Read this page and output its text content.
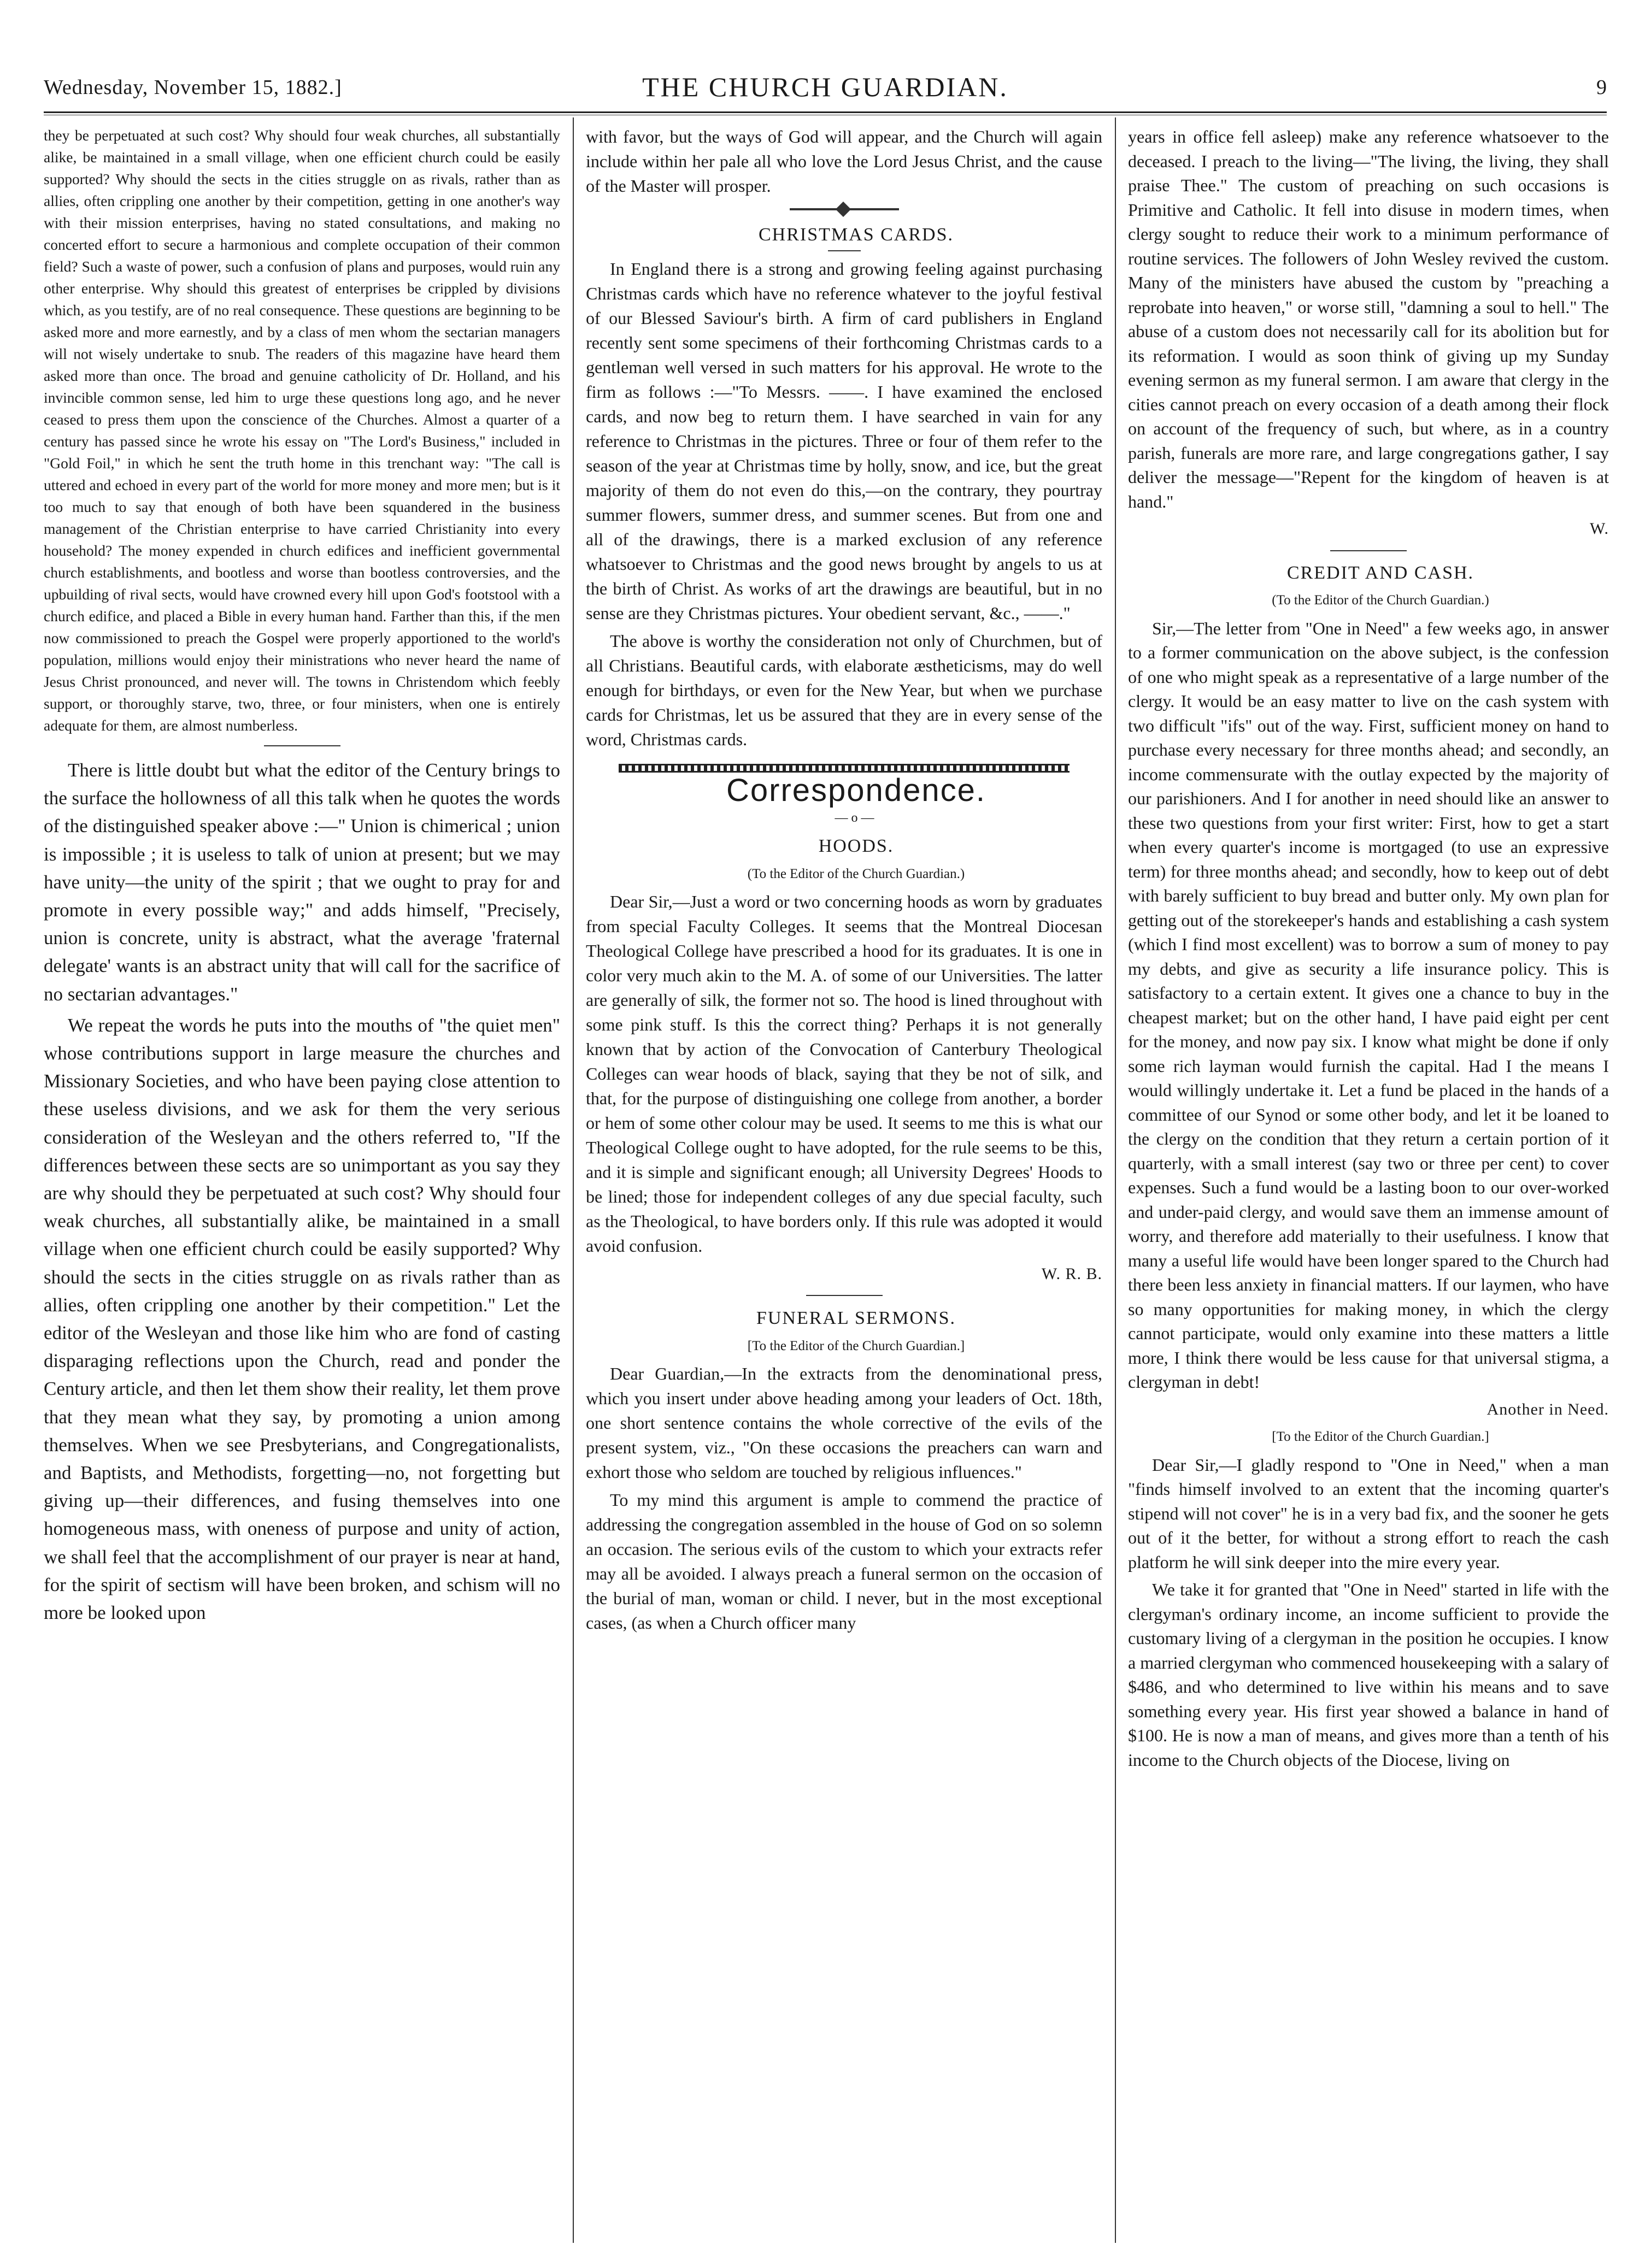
Wednesday, November 15, 1882.]	THE CHURCH GUARDIAN.	9

they be perpetuated at such cost? Why should four weak churches, all substantially alike, be maintained in a small village, when one efficient church could be easily supported? Why should the sects in the cities struggle on as rivals, rather than as allies, often crippling one another by their competition, getting in one another's way with their mission enterprises, having no stated consultations, and making no concerted effort to secure a harmonious and complete occupation of their common field? Such a waste of power, such a confusion of plans and purposes, would ruin any other enterprise. Why should this greatest of enterprises be crippled by divisions which, as you testify, are of no real consequence. These questions are beginning to be asked more and more earnestly, and by a class of men whom the sectarian managers will not wisely undertake to snub. The readers of this magazine have heard them asked more than once. The broad and genuine catholicity of Dr. Holland, and his invincible common sense, led him to urge these questions long ago, and he never ceased to press them upon the conscience of the Churches. Almost a quarter of a century has passed since he wrote his essay on "The Lord's Business," included in "Gold Foil," in which he sent the truth home in this trenchant way: "The call is uttered and echoed in every part of the world for more money and more men; but is it too much to say that enough of both have been squandered in the business management of the Christian enterprise to have carried Christianity into every household? The money expended in church edifices and inefficient governmental church establishments, and bootless and worse than bootless controversies, and the upbuilding of rival sects, would have crowned every hill upon God's footstool with a church edifice, and placed a Bible in every human hand. Farther than this, if the men now commissioned to preach the Gospel were properly apportioned to the world's population, millions would enjoy their ministrations who never heard the name of Jesus Christ pronounced, and never will. The towns in Christendom which feebly support, or thoroughly starve, two, three, or four ministers, when one is entirely adequate for them, are almost numberless.

There is little doubt but what the editor of the Century brings to the surface the hollowness of all this talk when he quotes the words of the distinguished speaker above :—" Union is chimerical ; union is impossible ; it is useless to talk of union at present; but we may have unity—the unity of the spirit ; that we ought to pray for and promote in every possible way;" and adds himself, "Precisely, union is concrete, unity is abstract, what the average 'fraternal delegate' wants is an abstract unity that will call for the sacrifice of no sectarian advantages."

We repeat the words he puts into the mouths of "the quiet men" whose contributions support in large measure the churches and Missionary Societies, and who have been paying close attention to these useless divisions, and we ask for them the very serious consideration of the Wesleyan and the others referred to, "If the differences between these sects are so unimportant as you say they are why should they be perpetuated at such cost? Why should four weak churches, all substantially alike, be maintained in a small village when one efficient church could be easily supported? Why should the sects in the cities struggle on as rivals rather than as allies, often crippling one another by their competition." Let the editor of the Wesleyan and those like him who are fond of casting disparaging reflections upon the Church, read and ponder the Century article, and then let them show their reality, let them prove that they mean what they say, by promoting a union among themselves. When we see Presbyterians, and Congregationalists, and Baptists, and Methodists, forgetting—no, not forgetting but giving up—their differences, and fusing themselves into one homogeneous mass, with oneness of purpose and unity of action, we shall feel that the accomplishment of our prayer is near at hand, for the spirit of sectism will have been broken, and schism will no more be looked upon

with favor, but the ways of God will appear, and the Church will again include within her pale all who love the Lord Jesus Christ, and the cause of the Master will prosper.

CHRISTMAS CARDS.

In England there is a strong and growing feeling against purchasing Christmas cards which have no reference whatever to the joyful festival of our Blessed Saviour's birth. A firm of card publishers in England recently sent some specimens of their forthcoming Christmas cards to a gentleman well versed in such matters for his approval. He wrote to the firm as follows :—"To Messrs. ——. I have examined the enclosed cards, and now beg to return them. I have searched in vain for any reference to Christmas in the pictures. Three or four of them refer to the season of the year at Christmas time by holly, snow, and ice, but the great majority of them do not even do this,—on the contrary, they pourtray summer flowers, summer dress, and summer scenes. But from one and all of the drawings, there is a marked exclusion of any reference whatsoever to Christmas and the good news brought by angels to us at the birth of Christ. As works of art the drawings are beautiful, but in no sense are they Christmas pictures. Your obedient servant, &c., ——."

The above is worthy the consideration not only of Churchmen, but of all Christians. Beautiful cards, with elaborate æstheticisms, may do well enough for birthdays, or even for the New Year, but when we purchase cards for Christmas, let us be assured that they are in every sense of the word, Christmas cards.

Correspondence.

—o—

HOODS.

(To the Editor of the Church Guardian.)

Dear Sir,—Just a word or two concerning hoods as worn by graduates from special Faculty Colleges. It seems that the Montreal Diocesan Theological College have prescribed a hood for its graduates. It is one in color very much akin to the M. A. of some of our Universities. The latter are generally of silk, the former not so. The hood is lined throughout with some pink stuff. Is this the correct thing? Perhaps it is not generally known that by action of the Convocation of Canterbury Theological Colleges can wear hoods of black, saying that they be not of silk, and that, for the purpose of distinguishing one college from another, a border or hem of some other colour may be used. It seems to me this is what our Theological College ought to have adopted, for the rule seems to be this, and it is simple and significant enough; all University Degrees' Hoods to be lined; those for independent colleges of any due special faculty, such as the Theological, to have borders only. If this rule was adopted it would avoid confusion.

W. R. B.

FUNERAL SERMONS.

[To the Editor of the Church Guardian.]

Dear Guardian,—In the extracts from the denominational press, which you insert under above heading among your leaders of Oct. 18th, one short sentence contains the whole corrective of the evils of the present system, viz., "On these occasions the preachers can warn and exhort those who seldom are touched by religious influences."

To my mind this argument is ample to commend the practice of addressing the congregation assembled in the house of God on so solemn an occasion. The serious evils of the custom to which your extracts refer may all be avoided. I always preach a funeral sermon on the occasion of the burial of man, woman or child. I never, but in the most exceptional cases, (as when a Church officer many

years in office fell asleep) make any reference whatsoever to the deceased. I preach to the living—"The living, the living, they shall praise Thee." The custom of preaching on such occasions is Primitive and Catholic. It fell into disuse in modern times, when clergy sought to reduce their work to a minimum performance of routine services. The followers of John Wesley revived the custom. Many of the ministers have abused the custom by "preaching a reprobate into heaven," or worse still, "damning a soul to hell." The abuse of a custom does not necessarily call for its abolition but for its reformation. I would as soon think of giving up my Sunday evening sermon as my funeral sermon. I am aware that clergy in the cities cannot preach on every occasion of a death among their flock on account of the frequency of such, but where, as in a country parish, funerals are more rare, and large congregations gather, I say deliver the message—"Repent for the kingdom of heaven is at hand."

W.

CREDIT AND CASH.

(To the Editor of the Church Guardian.)

Sir,—The letter from "One in Need" a few weeks ago, in answer to a former communication on the above subject, is the confession of one who might speak as a representative of a large number of the clergy. It would be an easy matter to live on the cash system with two difficult "ifs" out of the way. First, sufficient money on hand to purchase every necessary for three months ahead; and secondly, an income commensurate with the outlay expected by the majority of our parishioners. And I for another in need should like an answer to these two questions from your first writer: First, how to get a start when every quarter's income is mortgaged (to use an expressive term) for three months ahead; and secondly, how to keep out of debt with barely sufficient to buy bread and butter only. My own plan for getting out of the storekeeper's hands and establishing a cash system (which I find most excellent) was to borrow a sum of money to pay my debts, and give as security a life insurance policy. This is satisfactory to a certain extent. It gives one a chance to buy in the cheapest market; but on the other hand, I have paid eight per cent for the money, and now pay six. I know what might be done if only some rich layman would furnish the capital. Had I the means I would willingly undertake it. Let a fund be placed in the hands of a committee of our Synod or some other body, and let it be loaned to the clergy on the condition that they return a certain portion of it quarterly, with a small interest (say two or three per cent) to cover expenses. Such a fund would be a lasting boon to our over-worked and under-paid clergy, and would save them an immense amount of worry, and therefore add materially to their usefulness. I know that many a useful life would have been longer spared to the Church had there been less anxiety in financial matters. If our laymen, who have so many opportunities for making money, in which the clergy cannot participate, would only examine into these matters a little more, I think there would be less cause for that universal stigma, a clergyman in debt!

Another in Need.

[To the Editor of the Church Guardian.]

Dear Sir,—I gladly respond to "One in Need," when a man "finds himself involved to an extent that the incoming quarter's stipend will not cover" he is in a very bad fix, and the sooner he gets out of it the better, for without a strong effort to reach the cash platform he will sink deeper into the mire every year.

We take it for granted that "One in Need" started in life with the clergyman's ordinary income, an income sufficient to provide the customary living of a clergyman in the position he occupies. I know a married clergyman who commenced housekeeping with a salary of $486, and who determined to live within his means and to save something every year. His first year showed a balance in hand of $100. He is now a man of means, and gives more than a tenth of his income to the Church objects of the Diocese, living on
